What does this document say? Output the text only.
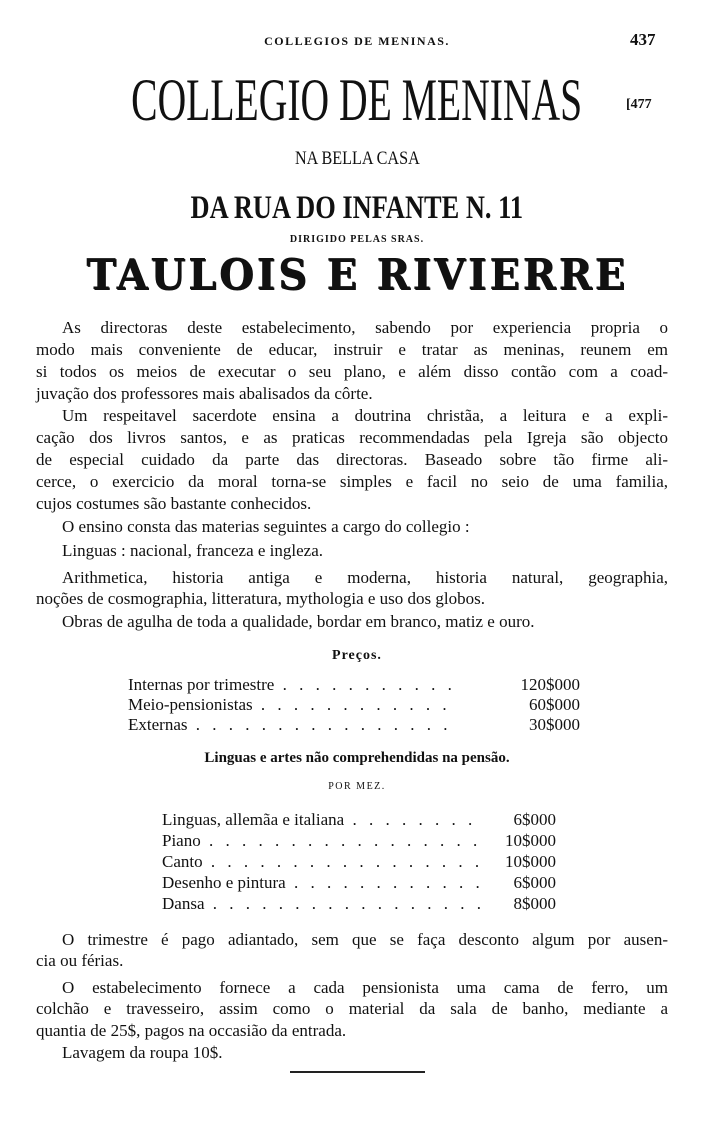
COLLEGIOS DE MENINAS.	437
COLLEGIO DE MENINAS	[477
NA BELLA CASA
DA RUA DO INFANTE N. 11
DIRIGIDO PELAS SRAS.
TAULOIS E RIVIERRE
As directoras deste estabelecimento, sabendo por experiencia propria o
modo mais conveniente de educar, instruir e tratar as meninas, reunem em
si todos os meios de executar o seu plano, e além disso contão com a coad-
juvação dos professores mais abalisados da côrte.
Um respeitavel sacerdote ensina a doutrina christãa, a leitura e a expli-
cação dos livros santos, e as praticas recommendadas pela Igreja são objecto
de especial cuidado da parte das directoras. Baseado sobre tão firme ali-
cerce, o exercicio da moral torna-se simples e facil no seio de uma familia,
cujos costumes são bastante conhecidos.
O ensino consta das materias seguintes a cargo do collegio :
Linguas : nacional, franceza e ingleza.
Arithmetica, historia antiga e moderna, historia natural, geographia,
noções de cosmographia, litteratura, mythologia e uso dos globos.
Obras de agulha de toda a qualidade, bordar em branco, matiz e ouro.
Preços.
Internas por trimestre . . .	120$000
Meio-pensionistas . . .	60$000
Externas . . .	30$000
Linguas e artes não comprehendidas na pensão.
POR MEZ.
Linguas, allemãa e italiana . . .	6$000
Piano . . .	10$000
Canto . . .	10$000
Desenho e pintura . . .	6$000
Dansa . . .	8$000
O trimestre é pago adiantado, sem que se faça desconto algum por ausen-
cia ou férias.
O estabelecimento fornece a cada pensionista uma cama de ferro, um
colchão e travesseiro, assim como o material da sala de banho, mediante a
quantia de 25$, pagos na occasião da entrada.
Lavagem da roupa 10$.
